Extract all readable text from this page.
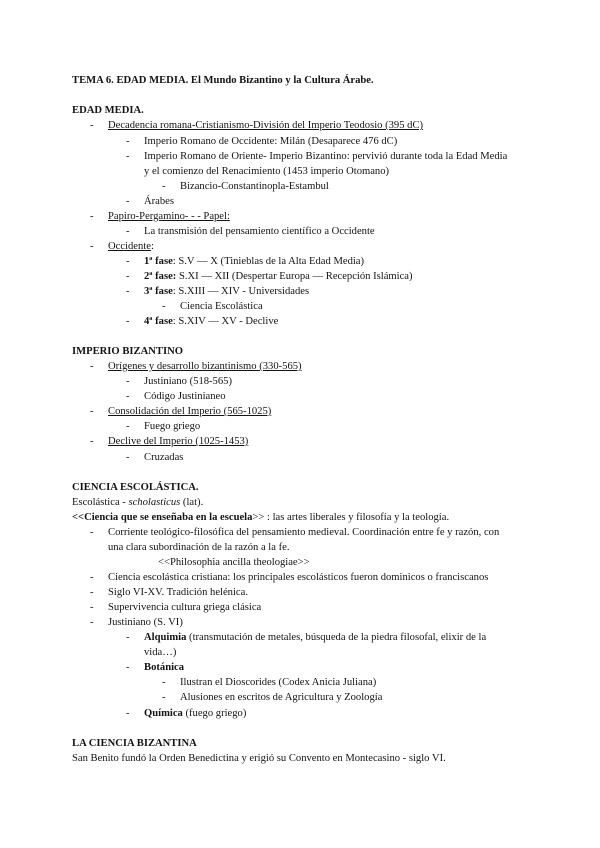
TEMA 6. EDAD MEDIA. El Mundo Bizantino y la Cultura Árabe.
EDAD MEDIA.
- Decadencia romana-Cristianismo-División del Imperio Teodosio (395 dC)
- Imperio Romano de Occidente: Milán (Desaparece 476 dC)
- Imperio Romano de Oriente- Imperio Bizantino: pervivió durante toda la Edad Media
y el comienzo del Renacimiento (1453 imperio Otomano)
- Bizancio-Constantinopla-Estambul
- Árabes
- Papiro-Pergamino- - - Papel:
- La transmisión del pensamiento científico a Occidente
- Occidente:
- 1ª fase: S.V — X (Tinieblas de la Alta Edad Media)
- 2ª fase: S.XI — XII (Despertar Europa — Recepción Islámica)
- 3ª fase: S.XIII — XIV - Universidades
- Ciencia Escolástica
- 4ª fase: S.XIV — XV - Declive
IMPERIO BIZANTINO
- Orígenes y desarrollo bizantinismo (330-565)
- Justiniano (518-565)
- Código Justinianeo
- Consolidación del Imperio (565-1025)
- Fuego griego
- Declive del Imperio (1025-1453)
- Cruzadas
CIENCIA ESCOLÁSTICA.
Escolástica - scholasticus (lat).
<<Ciencia que se enseñaba en la escuela>> : las artes liberales y filosofía y la teología.
- Corriente teológico-filosófica del pensamiento medieval. Coordinación entre fe y razón, con
una clara subordinación de la razón a la fe.
<<Philosophia ancilla theologiae>>
- Ciencia escolástica cristiana: los principales escolásticos fueron dominicos o franciscanos
- Siglo VI-XV. Tradición helénica.
- Supervivencia cultura griega clásica
- Justiniano (S. VI)
- Alquimia (transmutación de metales, búsqueda de la piedra filosofal, elixir de la
vida…)
- Botánica
- Ilustran el Dioscorides (Codex Anicia Juliana)
- Alusiones en escritos de Agricultura y Zoología
- Química (fuego griego)
LA CIENCIA BIZANTINA
San Benito fundó la Orden Benedictina y erigió su Convento en Montecasino - siglo VI.
